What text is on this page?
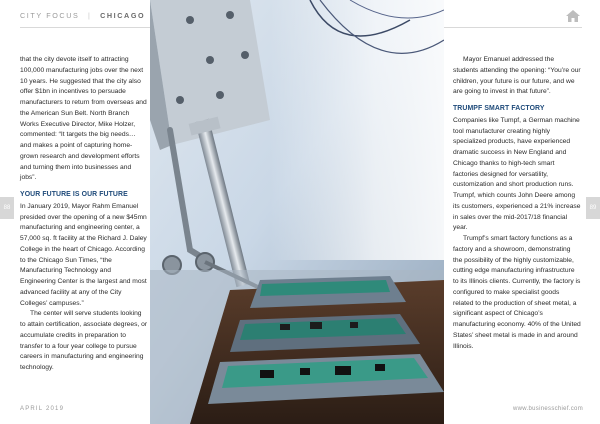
CITY FOCUS | CHICAGO
88	89

that the city devote itself to attracting 100,000 manufacturing jobs over the next 10 years. He suggested that the city also offer $1bn in incentives to persuade manufacturers to return from overseas and the American Sun Belt. North Branch Works Executive Director, Mike Holzer, commented: “It targets the big needs… and makes a point of capturing home-grown research and development efforts and turning them into businesses and jobs”.

YOUR FUTURE IS OUR FUTURE

In January 2019, Mayor Rahm Emanuel presided over the opening of a new $45mn manufacturing and engineering center, a 57,000 sq. ft facility at the Richard J. Daley College in the heart of Chicago. According to the Chicago Sun Times, “the Manufacturing Technology and Engineering Center is the largest and most advanced facility at any of the City Colleges’ campuses.”

The center will serve students looking to attain certification, associate degrees, or accumulate credits in preparation to transfer to a four year college to pursue careers in manufacturing and engineering technology.

Mayor Emanuel addressed the students attending the opening: “You’re our children, your future is our future, and we are going to invest in that future”.

TRUMPF SMART FACTORY

Companies like Tumpf, a German machine tool manufacturer creating highly specialized products, have experienced dramatic success in New England and Chicago thanks to high-tech smart factories designed for versatility, customization and short production runs. Trumpf, which counts John Deere among its customers, experienced a 21% increase in sales over the mid-2017/18 financial year.

Trumpf’s smart factory functions as a factory and a showroom, demonstrating the possibility of the highly customizable, cutting edge manufacturing infrastructure to its Illinois clients. Currently, the factory is configured to make specialist goods related to the production of sheet metal, a significant aspect of Chicago’s manufacturing economy. 40% of the United States’ sheet metal is made in and around Illinois.

APRIL 2019	www.businesschief.com
